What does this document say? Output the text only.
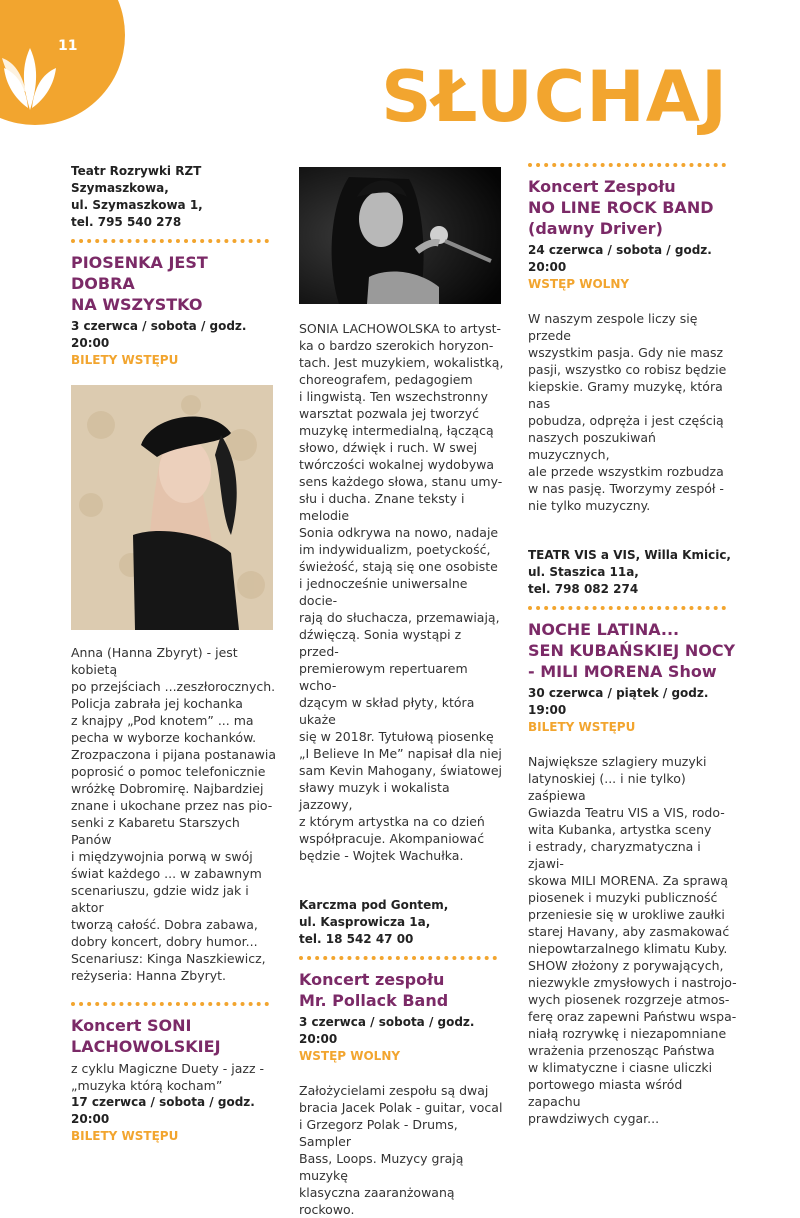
11
SŁUCHAJ
Teatr Rozrywki RZT
Szymaszkowa,
ul. Szymaszkowa 1,
tel. 795 540 278
PIOSENKA JEST DOBRA
NA WSZYSTKO
3 czerwca / sobota / godz. 20:00
BILETY WSTĘPU
Anna (Hanna Zbyryt) - jest kobietą
po przejściach ...zeszłorocznych.
Policja zabrała jej kochanka
z knajpy „Pod knotem” ... ma
pecha w wyborze kochanków.
Zrozpaczona i pijana postanawia
poprosić o pomoc telefonicznie
wróżkę Dobromirę. Najbardziej
znane i ukochane przez nas pio-
senki z Kabaretu Starszych Panów
i międzywojnia porwą w swój
świat każdego ... w zabawnym
scenariuszu, gdzie widz jak i aktor
tworzą całość. Dobra zabawa,
dobry koncert, dobry humor...
Scenariusz: Kinga Naszkiewicz,
reżyseria: Hanna Zbyryt.
Koncert SONI
LACHOWOLSKIEJ
z cyklu Magiczne Duety - jazz -
„muzyka którą kocham”
17 czerwca / sobota / godz. 20:00
BILETY WSTĘPU
SONIA LACHOWOLSKA to artyst-
ka o bardzo szerokich horyzon-
tach. Jest muzykiem, wokalistką,
choreografem, pedagogiem
i lingwistą. Ten wszechstronny
warsztat pozwala jej tworzyć
muzykę intermedialną, łączącą
słowo, dźwięk i ruch. W swej
twórczości wokalnej wydobywa
sens każdego słowa, stanu umy-
słu i ducha. Znane teksty i melodie
Sonia odkrywa na nowo, nadaje
im indywidualizm, poetyckość,
świeżość, stają się one osobiste
i jednocześnie uniwersalne docie-
rają do słuchacza, przemawiają,
dźwięczą. Sonia wystąpi z przed-
premierowym repertuarem wcho-
dzącym w skład płyty, która ukaże
się w 2018r. Tytułową piosenkę
„I Believe In Me” napisał dla niej
sam Kevin Mahogany, światowej
sławy muzyk i wokalista jazzowy,
z którym artystka na co dzień
współpracuje. Akompaniować
będzie - Wojtek Wachułka.
Karczma pod Gontem,
ul. Kasprowicza 1a,
tel. 18 542 47 00
Koncert zespołu
Mr. Pollack Band
3 czerwca / sobota / godz. 20:00
WSTĘP WOLNY
Założycielami zespołu są dwaj
bracia Jacek Polak - guitar, vocal
i Grzegorz Polak - Drums, Sampler
Bass, Loops. Muzycy grają muzykę
klasyczna zaaranżowaną rockowo.
Koncert Zespołu
NO LINE ROCK BAND
(dawny Driver)
24 czerwca / sobota / godz.
20:00
WSTĘP WOLNY
W naszym zespole liczy się przede
wszystkim pasja. Gdy nie masz
pasji, wszystko co robisz będzie
kiepskie. Gramy muzykę, która nas
pobudza, odpręża i jest częścią
naszych poszukiwań muzycznych,
ale przede wszystkim rozbudza
w nas pasję. Tworzymy zespół -
nie tylko muzyczny.
TEATR VIS a VIS, Willa Kmicic,
ul. Staszica 11a,
tel. 798 082 274
NOCHE LATINA...
SEN KUBAŃSKIEJ NOCY
- MILI MORENA Show
30 czerwca / piątek / godz. 19:00
BILETY WSTĘPU
Największe szlagiery muzyki
latynoskiej (... i nie tylko) zaśpiewa
Gwiazda Teatru VIS a VIS, rodo-
wita Kubanka, artystka sceny
i estrady, charyzmatyczna i zjawi-
skowa MILI MORENA. Za sprawą
piosenek i muzyki publiczność
przeniesie się w urokliwe zaułki
starej Havany, aby zasmakować
niepowtarzalnego klimatu Kuby.
SHOW złożony z porywających,
niezwykle zmysłowych i nastrojo-
wych piosenek rozgrzeje atmos-
ferę oraz zapewni Państwu wspa-
niałą rozrywkę i niezapomniane
wrażenia przenosząc Państwa
w klimatyczne i ciasne uliczki
portowego miasta wśród zapachu
prawdziwych cygar...
